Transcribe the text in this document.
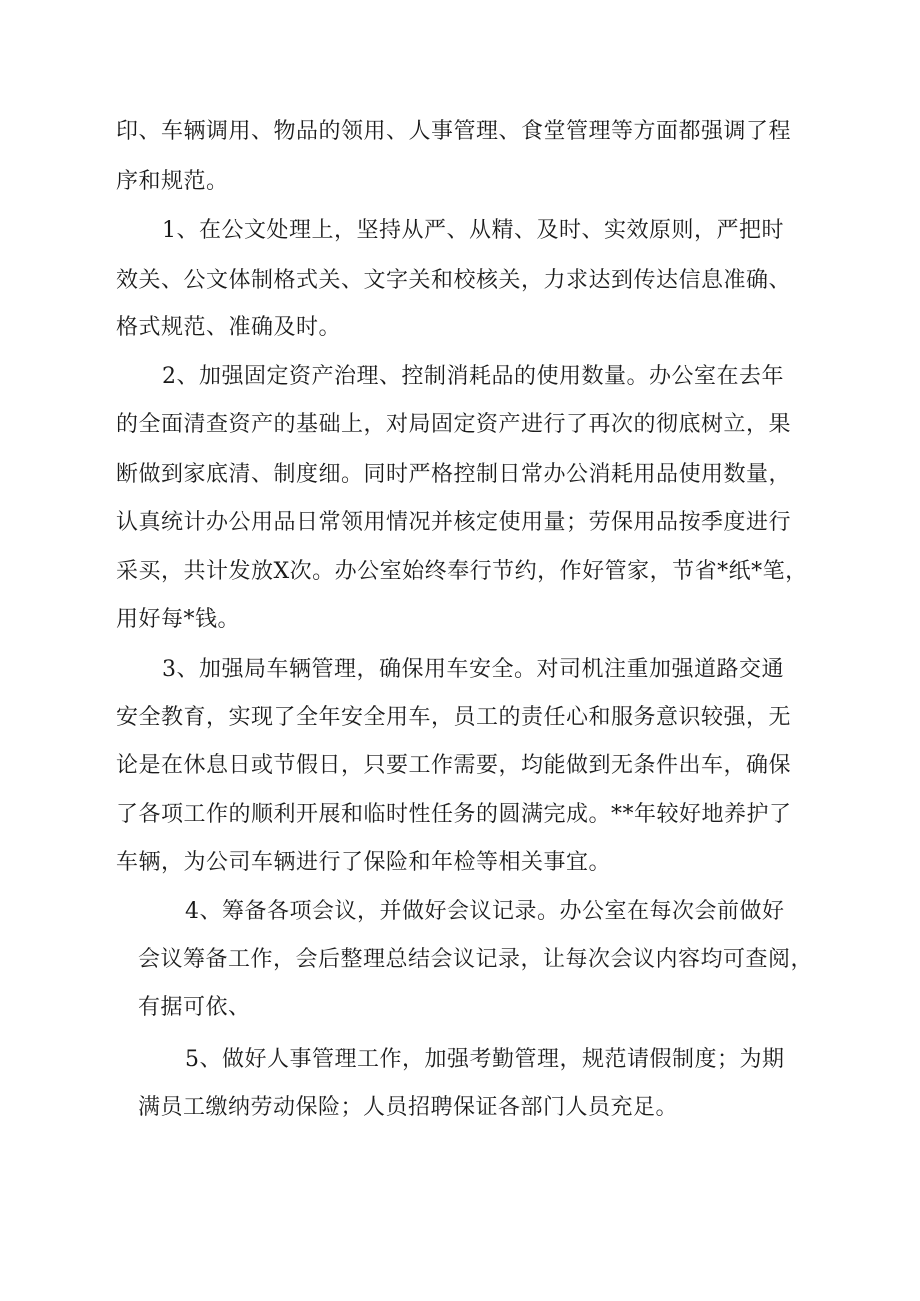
印、车辆调用、物品的领用、人事管理、食堂管理等方面都强调了程
序和规范。
1、在公文处理上，坚持从严、从精、及时、实效原则，严把时
效关、公文体制格式关、文字关和校核关，力求达到传达信息准确、
格式规范、准确及时。
2、加强固定资产治理、控制消耗品的使用数量。办公室在去年
的全面清查资产的基础上，对局固定资产进行了再次的彻底树立，果
断做到家底清、制度细。同时严格控制日常办公消耗用品使用数量，
认真统计办公用品日常领用情况并核定使用量；劳保用品按季度进行
采买，共计发放X次。办公室始终奉行节约，作好管家，节省*纸*笔，
用好每*钱。
3、加强局车辆管理，确保用车安全。对司机注重加强道路交通
安全教育，实现了全年安全用车，员工的责任心和服务意识较强，无
论是在休息日或节假日，只要工作需要，均能做到无条件出车，确保
了各项工作的顺利开展和临时性任务的圆满完成。**年较好地养护了
车辆，为公司车辆进行了保险和年检等相关事宜。
4、筹备各项会议，并做好会议记录。办公室在每次会前做好
会议筹备工作，会后整理总结会议记录，让每次会议内容均可查阅，
有据可依、
5、做好人事管理工作，加强考勤管理，规范请假制度；为期
满员工缴纳劳动保险；人员招聘保证各部门人员充足。
